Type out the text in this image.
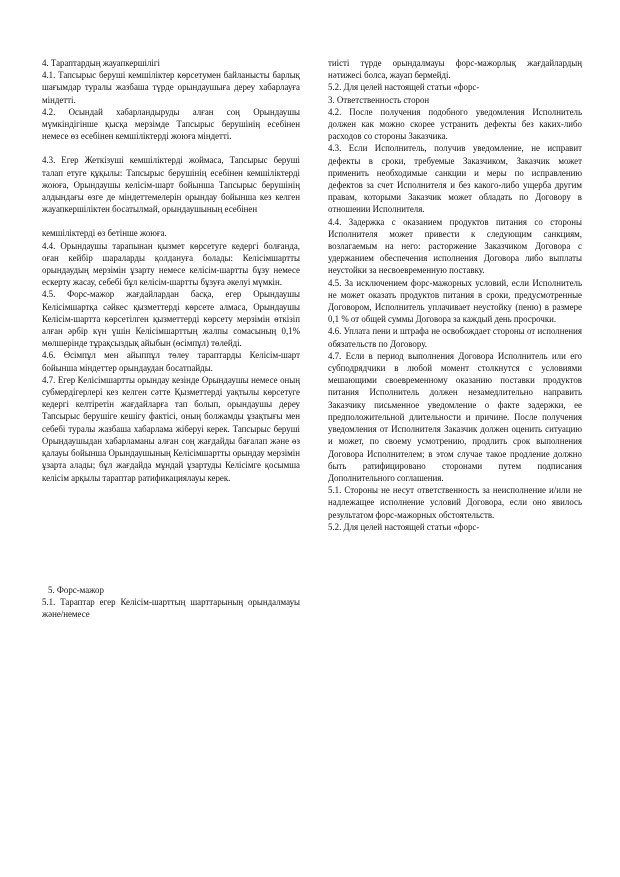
4. Тараптардың жауапкершілігі

4.1. Тапсырыс беруші кемшіліктер көрсетумен байланысты барлық шағымдар туралы жазбаша түрде орындаушыға дереу хабарлауға міндетті.

4.2. Осындай хабарландыруды алған соң Орындаушы мүмкіндігінше қысқа мерзімде Тапсырыс берушінің есебінен немесе өз есебінен кемшіліктерді жоюға міндетті.

4.3. Егер Жеткізуші кемшіліктерді жоймаса, Тапсырыс беруші талап етуге құқылы: Тапсырыс берушінің есебінен кемшіліктерді жоюға, Орындаушы келісім-шарт бойынша Тапсырыс берушінің алдындағы өзге де міндеттемелерін орындау бойынша кез келген жауапкершіліктен босатылмай, орындаушының есебінен

кемшіліктерді өз бетінше жоюға.

4.4. Орындаушы тарапынан қызмет көрсетуге кедергі болғанда, оған кейбір шараларды қолдануға болады: Келісімшартты орындаудың мерзімін ұзарту немесе келісім-шартты бұзу немесе ескерту жасау, себебі бұл келісім-шартты бұзуға әкелуі мүмкін.

4.5. Форс-мажор жағдайлардан басқа, егер Орындаушы Келісімшартқа сәйкес қызметтерді көрсете алмаса, Орындаушы Келісім-шартта көрсетілген қызметтерді көрсету мерзімін өткізіп алған әрбір күн үшін Келісімшарттың жалпы сомасының 0,1% мөлшерінде тұрақсыздық айыбын (өсімпұл) төлейді.

4.6. Өсімпұл мен айыппұл төлеу тараптарды Келісім-шарт бойынша міндеттер орындаудан босатпайды.

4.7. Егер Келісімшартты орындау кезінде Орындаушы немесе оның субмердігерлері кез келген сәтте Қызметтерді уақтылы көрсетуге кедергі келтіретін жағдайларға тап болып, орындаушы дереу Тапсырыс берушіге кешігу фактісі, оның болжамды ұзақтығы мен себебі туралы жазбаша хабарлама жіберуі керек. Тапсырыс беруші Орындаушыдан хабарламаны алған соң жағдайды бағалап және өз қалауы бойынша Орындаушының Келісімшартты орындау мерзімін ұзарта алады; бұл жағдайда мұндай ұзартуды Келісімге қосымша келісім арқылы тараптар ратификациялауы керек.

5. Форс-мажор

5.1. Тараптар егер Келісім-шарттың шарттарының орындалмауы және/немесе

тиісті түрде орындалмауы форс-мажорлық жағдайлардың нәтижесі болса, жауап бермейді.

5.2. Для целей настоящей статьи «форс-

3. Ответственность сторон

4.2. После получения подобного уведомления Исполнитель должен как можно скорее устранить дефекты без каких-либо расходов со стороны Заказчика.

4.3. Если Исполнитель, получив уведомление, не исправит дефекты в сроки, требуемые Заказчиком, Заказчик может применить необходимые санкции и меры по исправлению дефектов за счет Исполнителя и без какого-либо ущерба другим правам, которыми Заказчик может обладать по Договору в отношении Исполнителя.

4.4. Задержка с оказанием продуктов питания со стороны Исполнителя может привести к следующим санкциям, возлагаемым на него: расторжение Заказчиком Договора с удержанием обеспечения исполнения Договора либо выплаты неустойки за несвоевременную поставку.

4.5. За исключением форс-мажорных условий, если Исполнитель не может оказать продуктов питания в сроки, предусмотренные Договором, Исполнитель уплачивает неустойку (пеню) в размере 0,1 % от общей суммы Договора за каждый день просрочки.

4.6. Уплата пени и штрафа не освобождает стороны от исполнения обязательств по Договору.

4.7. Если в период выполнения Договора Исполнитель или его субподрядчики в любой момент столкнутся с условиями мешающими своевременному оказанию поставки продуктов питания Исполнитель должен незамедлительно направить Заказчику письменное уведомление о факте задержки, ее предположительной длительности и причине. После получения уведомления от Исполнителя Заказчик должен оценить ситуацию и может, по своему усмотрению, продлить срок выполнения Договора Исполнителем; в этом случае такое продление должно быть ратифицировано сторонами путем подписания Дополнительного соглашения.

5.1. Стороны не несут ответственность за неисполнение и/или не надлежащее исполнение условий Договора, если оно явилось результатом форс-мажорных обстоятельств.

5.2. Для целей настоящей статьи «форс-
